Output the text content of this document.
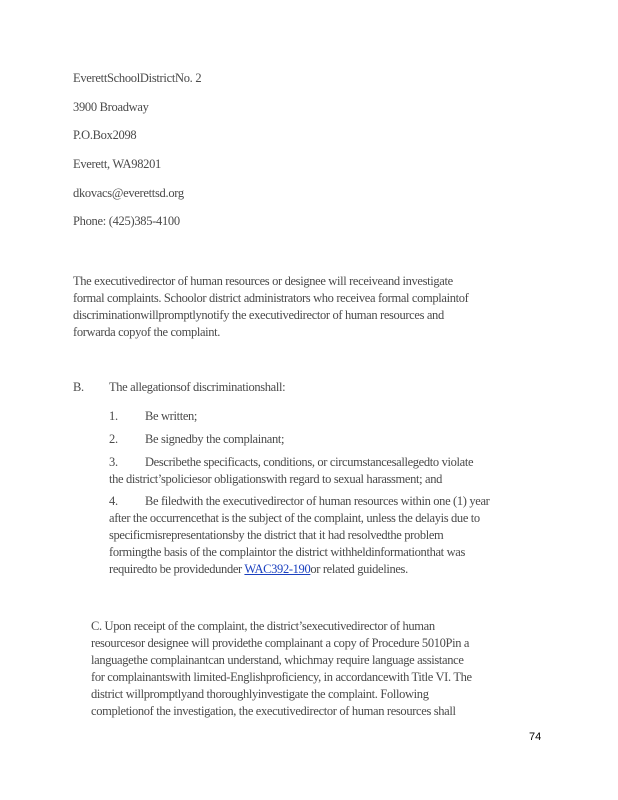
EverettSchoolDistrictNo. 2
3900 Broadway
P.O.Box2098
Everett, WA98201
dkovacs@everettsd.org
Phone: (425)385-4100
The executivedirector of human resources or designee will receiveand investigate
formal complaints. Schoolor district administrators who receivea formal complaintof
discriminationwillpromptlynotify the executivedirector of human resources and
forwarda copyof the complaint.
B. The allegationsof discriminationshall:
1. Be written;
2. Be signedby the complainant;
3. Describethe specificacts, conditions, or circumstancesallegedto violate
the district’spoliciesor obligationswith regard to sexual harassment; and
4. Be filedwith the executivedirector of human resources within one (1) year
after the occurrencethat is the subject of the complaint, unless the delayis due to
specificmisrepresentationsby the district that it had resolvedthe problem
formingthe basis of the complaintor the district withheldinformationthat was
requiredto be providedunder WAC392-190or related guidelines.
C. Upon receipt of the complaint, the district’sexecutivedirector of human
resourcesor designee will providethe complainant a copy of Procedure 5010Pin a
languagethe complainantcan understand, whichmay require language assistance
for complainantswith limited-Englishproficiency, in accordancewith Title VI. The
district willpromptlyand thoroughlyinvestigate the complaint. Following
completionof the investigation, the executivedirector of human resources shall
74
